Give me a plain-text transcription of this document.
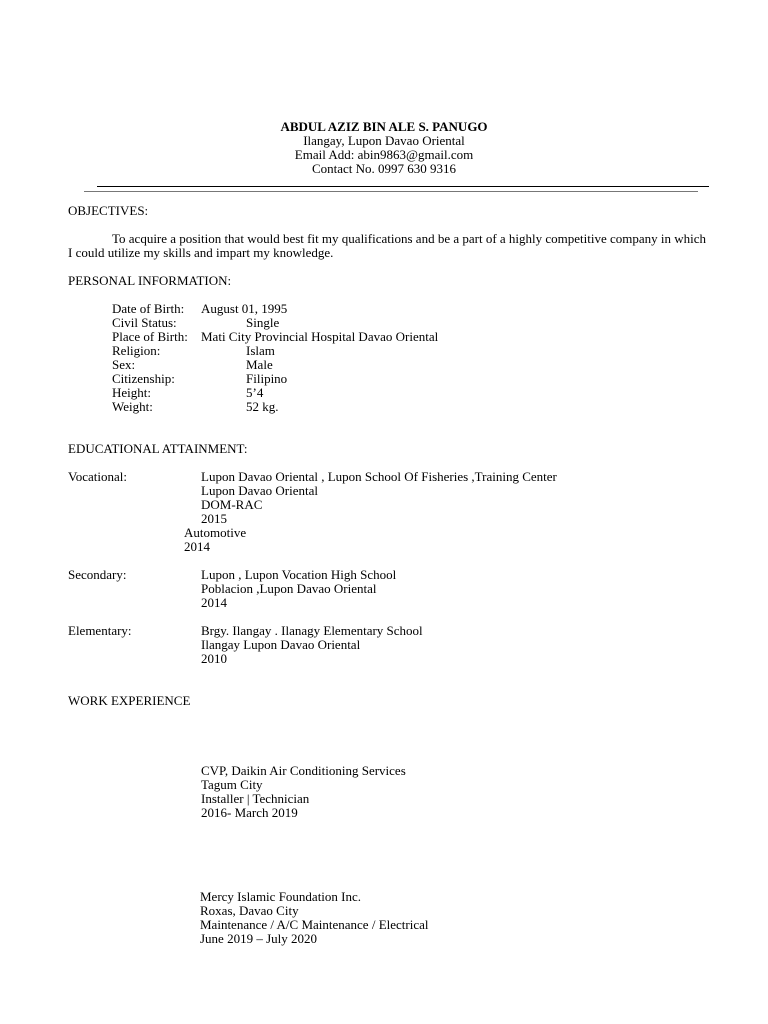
ABDUL AZIZ BIN ALE S. PANUGO
Ilangay, Lupon Davao Oriental
Email Add: abin9863@gmail.com
Contact No. 0997 630 9316
OBJECTIVES:
To acquire a position that would best fit my qualifications and be a part of a highly competitive company in which I could utilize my skills and impart my knowledge.
PERSONAL INFORMATION:
Date of Birth: August 01, 1995
Civil Status:	Single
Place of Birth: Mati City Provincial Hospital Davao Oriental
Religion:	Islam
Sex:	Male
Citizenship:	Filipino
Height:	5’4
Weight:	52 kg.
EDUCATIONAL ATTAINMENT:
Vocational:	Lupon Davao Oriental , Lupon School Of Fisheries ,Training Center
Lupon Davao Oriental
DOM-RAC
2015
Automotive
2014
Secondary:	Lupon , Lupon Vocation High School
Poblacion ,Lupon Davao Oriental
2014
Elementary:	Brgy. Ilangay . Ilanagy Elementary School
Ilangay Lupon Davao Oriental
2010
WORK EXPERIENCE
CVP, Daikin Air Conditioning Services
Tagum City
Installer | Technician
2016- March 2019
Mercy Islamic Foundation Inc.
Roxas, Davao City
Maintenance / A/C Maintenance / Electrical
June 2019 – July 2020
